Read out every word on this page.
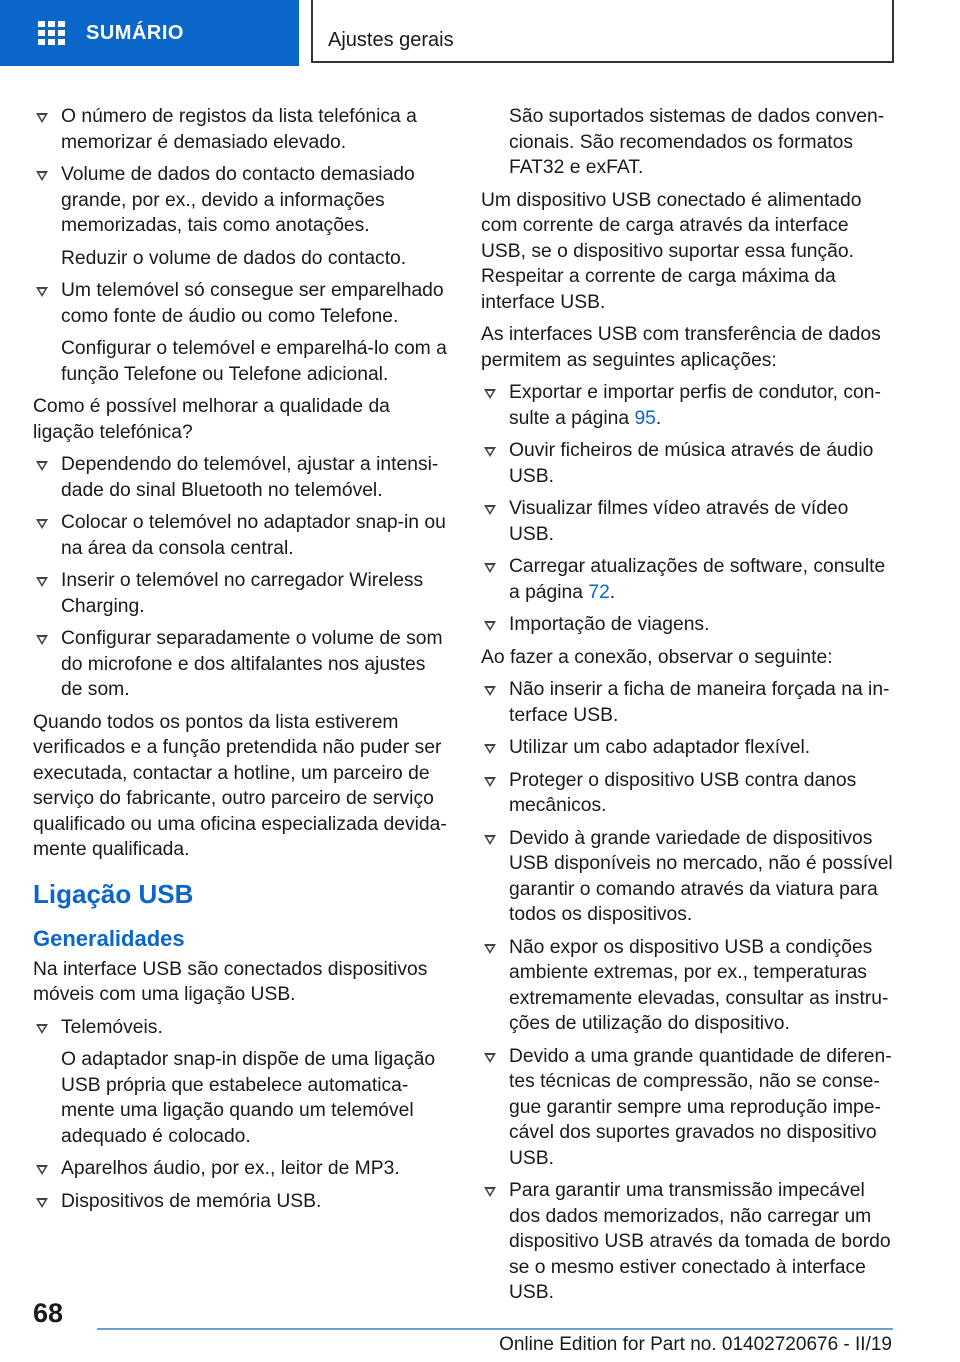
SUMÁRIO	Ajustes gerais
O número de registos da lista telefónica a memorizar é demasiado elevado.
Volume de dados do contacto demasiado grande, por ex., devido a informações memorizadas, tais como anotações.
Reduzir o volume de dados do contacto.
Um telemóvel só consegue ser emparelhado como fonte de áudio ou como Telefone.
Configurar o telemóvel e emparelhá-lo com a função Telefone ou Telefone adicional.
Como é possível melhorar a qualidade da ligação telefónica?
Dependendo do telemóvel, ajustar a intensidade do sinal Bluetooth no telemóvel.
Colocar o telemóvel no adaptador snap-in ou na área da consola central.
Inserir o telemóvel no carregador Wireless Charging.
Configurar separadamente o volume de som do microfone e dos altifalantes nos ajustes de som.
Quando todos os pontos da lista estiverem verificados e a função pretendida não puder ser executada, contactar a hotline, um parceiro de serviço do fabricante, outro parceiro de serviço qualificado ou uma oficina especializada devidamente qualificada.
Ligação USB
Generalidades
Na interface USB são conectados dispositivos móveis com uma ligação USB.
Telemóveis.
O adaptador snap-in dispõe de uma ligação USB própria que estabelece automaticamente uma ligação quando um telemóvel adequado é colocado.
Aparelhos áudio, por ex., leitor de MP3.
Dispositivos de memória USB.
São suportados sistemas de dados convencionais. São recomendados os formatos FAT32 e exFAT.
Um dispositivo USB conectado é alimentado com corrente de carga através da interface USB, se o dispositivo suportar essa função. Respeitar a corrente de carga máxima da interface USB.
As interfaces USB com transferência de dados permitem as seguintes aplicações:
Exportar e importar perfis de condutor, consulte a página 95.
Ouvir ficheiros de música através de áudio USB.
Visualizar filmes vídeo através de vídeo USB.
Carregar atualizações de software, consulte a página 72.
Importação de viagens.
Ao fazer a conexão, observar o seguinte:
Não inserir a ficha de maneira forçada na interface USB.
Utilizar um cabo adaptador flexível.
Proteger o dispositivo USB contra danos mecânicos.
Devido à grande variedade de dispositivos USB disponíveis no mercado, não é possível garantir o comando através da viatura para todos os dispositivos.
Não expor os dispositivo USB a condições ambiente extremas, por ex., temperaturas extremamente elevadas, consultar as instruções de utilização do dispositivo.
Devido a uma grande quantidade de diferentes técnicas de compressão, não se consegue garantir sempre uma reprodução impecável dos suportes gravados no dispositivo USB.
Para garantir uma transmissão impecável dos dados memorizados, não carregar um dispositivo USB através da tomada de bordo se o mesmo estiver conectado à interface USB.
68
Online Edition for Part no. 01402720676 - II/19
